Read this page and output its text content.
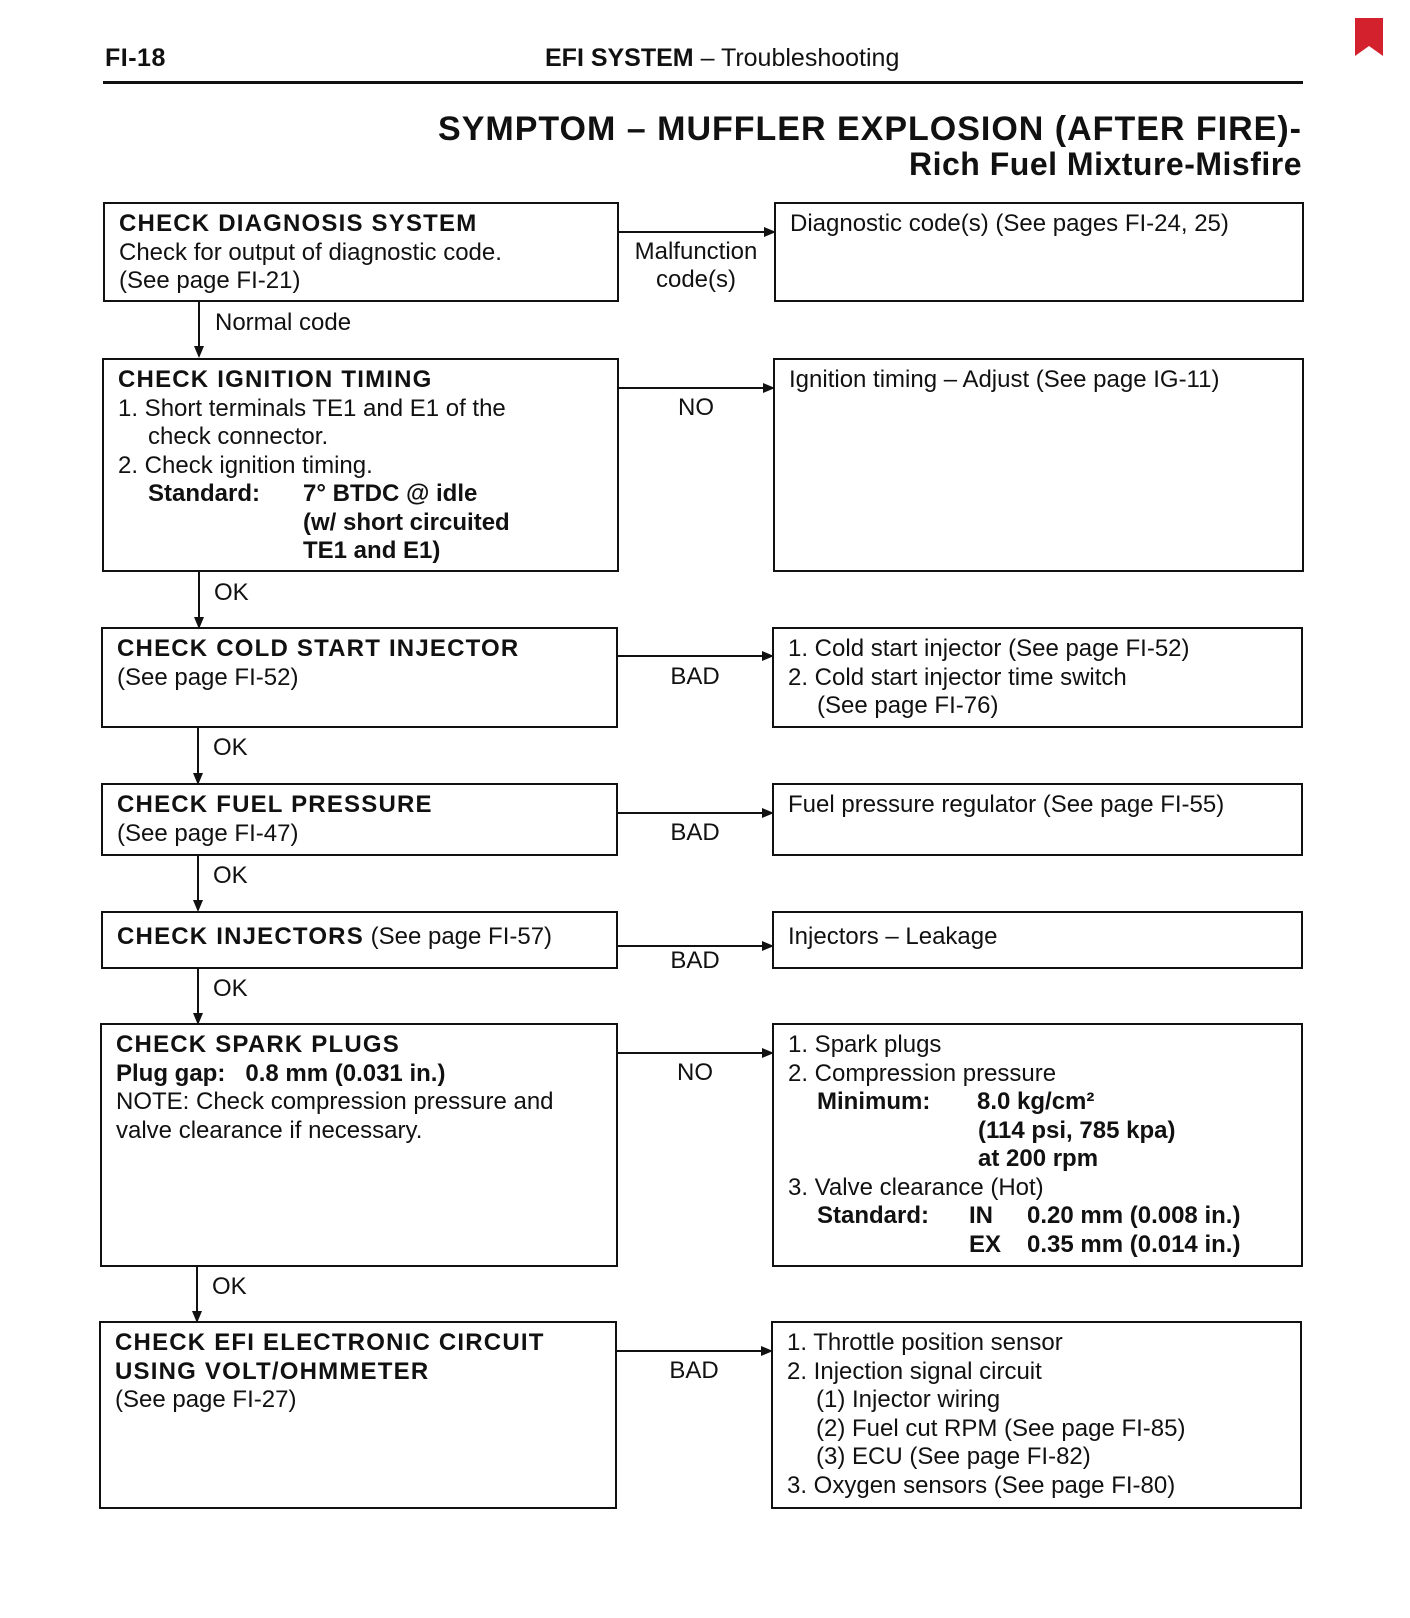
FI-18	EFI SYSTEM – Troubleshooting
SYMPTOM – MUFFLER EXPLOSION (AFTER FIRE)-
Rich Fuel Mixture-Misfire
CHECK DIAGNOSIS SYSTEM
Check for output of diagnostic code.
(See page FI-21)
Malfunction
code(s)
Diagnostic code(s) (See pages FI-24, 25)
Normal code
CHECK IGNITION TIMING
1. Short terminals TE1 and E1 of the
check connector.
2. Check ignition timing.
Standard:	7° BTDC @ idle
(w/ short circuited
TE1 and E1)
NO
Ignition timing – Adjust (See page IG-11)
OK
CHECK COLD START INJECTOR
(See page FI-52)	BAD
1. Cold start injector (See page FI-52)
2. Cold start injector time switch
(See page FI-76)
OK
CHECK FUEL PRESSURE
(See page FI-47)	BAD
Fuel pressure regulator (See page FI-55)
OK
CHECK INJECTORS (See page FI-57)
BAD
Injectors – Leakage
OK
CHECK SPARK PLUGS
Plug gap: 0.8 mm (0.031 in.)
NOTE: Check compression pressure and
valve clearance if necessary.
NO
1. Spark plugs
2. Compression pressure
Minimum: 8.0 kg/cm²
(114 psi, 785 kpa)
at 200 rpm
3. Valve clearance (Hot)
Standard: IN 0.20 mm (0.008 in.)
EX 0.35 mm (0.014 in.)
OK
CHECK EFI ELECTRONIC CIRCUIT
USING VOLT/OHMMETER
(See page FI-27)
BAD
1. Throttle position sensor
2. Injection signal circuit
(1) Injector wiring
(2) Fuel cut RPM (See page FI-85)
(3) ECU (See page FI-82)
3. Oxygen sensors (See page FI-80)
